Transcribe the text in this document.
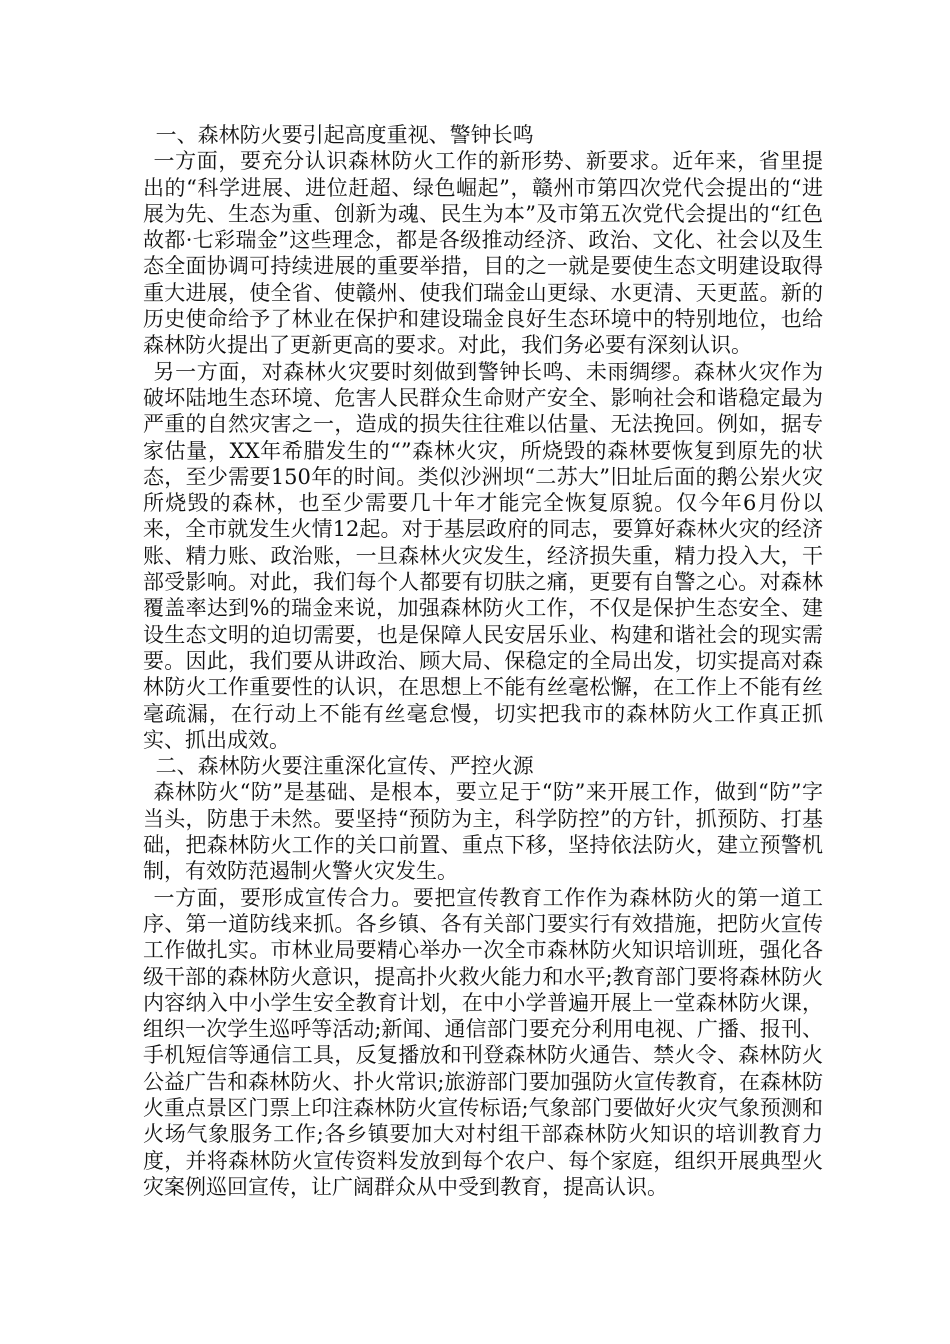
一、森林防火要引起高度重视、警钟长鸣

一方面，要充分认识森林防火工作的新形势、新要求。近年来，省里提出的“科学进展、进位赶超、绿色崛起”，赣州市第四次党代会提出的“进展为先、生态为重、创新为魂、民生为本”及市第五次党代会提出的“红色故都·七彩瑞金”这些理念，都是各级推动经济、政治、文化、社会以及生态全面协调可持续进展的重要举措，目的之一就是要使生态文明建设取得重大进展，使全省、使赣州、使我们瑞金山更绿、水更清、天更蓝。新的历史使命给予了林业在保护和建设瑞金良好生态环境中的特别地位，也给森林防火提出了更新更高的要求。对此，我们务必要有深刻认识。

另一方面，对森林火灾要时刻做到警钟长鸣、未雨绸缪。森林火灾作为破坏陆地生态环境、危害人民群众生命财产安全、影响社会和谐稳定最为严重的自然灾害之一，造成的损失往往难以估量、无法挽回。例如，据专家估量，XX年希腊发生的“”森林火灾，所烧毁的森林要恢复到原先的状态，至少需要150年的时间。类似沙洲坝“二苏大”旧址后面的鹅公岽火灾所烧毁的森林，也至少需要几十年才能完全恢复原貌。仅今年6月份以来，全市就发生火情12起。对于基层政府的同志，要算好森林火灾的经济账、精力账、政治账，一旦森林火灾发生，经济损失重，精力投入大，干部受影响。对此，我们每个人都要有切肤之痛，更要有自警之心。对森林覆盖率达到%的瑞金来说，加强森林防火工作，不仅是保护生态安全、建设生态文明的迫切需要，也是保障人民安居乐业、构建和谐社会的现实需要。因此，我们要从讲政治、顾大局、保稳定的全局出发，切实提高对森林防火工作重要性的认识，在思想上不能有丝毫松懈，在工作上不能有丝毫疏漏，在行动上不能有丝毫怠慢，切实把我市的森林防火工作真正抓实、抓出成效。

二、森林防火要注重深化宣传、严控火源

森林防火“防”是基础、是根本，要立足于“防”来开展工作，做到“防”字当头，防患于未然。要坚持“预防为主，科学防控”的方针，抓预防、打基础，把森林防火工作的关口前置、重点下移，坚持依法防火，建立预警机制，有效防范遏制火警火灾发生。

一方面，要形成宣传合力。要把宣传教育工作作为森林防火的第一道工序、第一道防线来抓。各乡镇、各有关部门要实行有效措施，把防火宣传工作做扎实。市林业局要精心举办一次全市森林防火知识培训班，强化各级干部的森林防火意识，提高扑火救火能力和水平;教育部门要将森林防火内容纳入中小学生安全教育计划，在中小学普遍开展上一堂森林防火课，组织一次学生巡呼等活动;新闻、通信部门要充分利用电视、广播、报刊、手机短信等通信工具，反复播放和刊登森林防火通告、禁火令、森林防火公益广告和森林防火、扑火常识;旅游部门要加强防火宣传教育，在森林防火重点景区门票上印注森林防火宣传标语;气象部门要做好火灾气象预测和火场气象服务工作;各乡镇要加大对村组干部森林防火知识的培训教育力度，并将森林防火宣传资料发放到每个农户、每个家庭，组织开展典型火灾案例巡回宣传，让广阔群众从中受到教育，提高认识。
